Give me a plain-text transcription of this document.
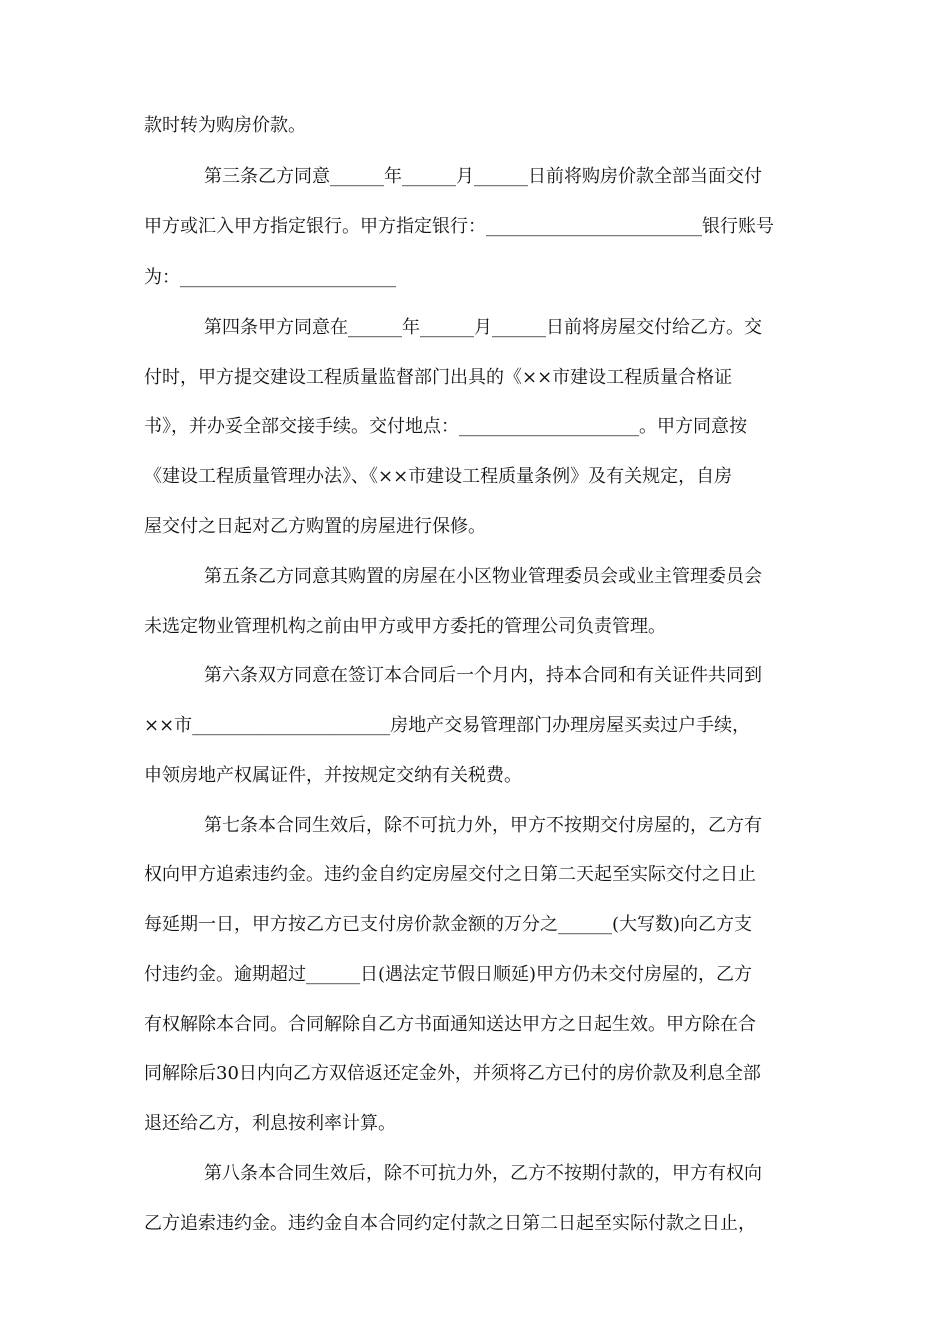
款时转为购房价款。

第三条乙方同意______年______月______日前将购房价款全部当面交付

甲方或汇入甲方指定银行。甲方指定银行：________________________银行账号

为：________________________

第四条甲方同意在______年______月______日前将房屋交付给乙方。交

付时，甲方提交建设工程质量监督部门出具的《××市建设工程质量合格证

书》，并办妥全部交接手续。交付地点：____________________。甲方同意按

《建设工程质量管理办法》、《××市建设工程质量条例》及有关规定，自房

屋交付之日起对乙方购置的房屋进行保修。

第五条乙方同意其购置的房屋在小区物业管理委员会或业主管理委员会

未选定物业管理机构之前由甲方或甲方委托的管理公司负责管理。

第六条双方同意在签订本合同后一个月内，持本合同和有关证件共同到

××市______________________房地产交易管理部门办理房屋买卖过户手续，

申领房地产权属证件，并按规定交纳有关税费。

第七条本合同生效后，除不可抗力外，甲方不按期交付房屋的，乙方有

权向甲方追索违约金。违约金自约定房屋交付之日第二天起至实际交付之日止

每延期一日，甲方按乙方已支付房价款金额的万分之______(大写数)向乙方支

付违约金。逾期超过______日(遇法定节假日顺延)甲方仍未交付房屋的，乙方

有权解除本合同。合同解除自乙方书面通知送达甲方之日起生效。甲方除在合

同解除后30日内向乙方双倍返还定金外，并须将乙方已付的房价款及利息全部

退还给乙方，利息按利率计算。

第八条本合同生效后，除不可抗力外，乙方不按期付款的，甲方有权向

乙方追索违约金。违约金自本合同约定付款之日第二日起至实际付款之日止，
